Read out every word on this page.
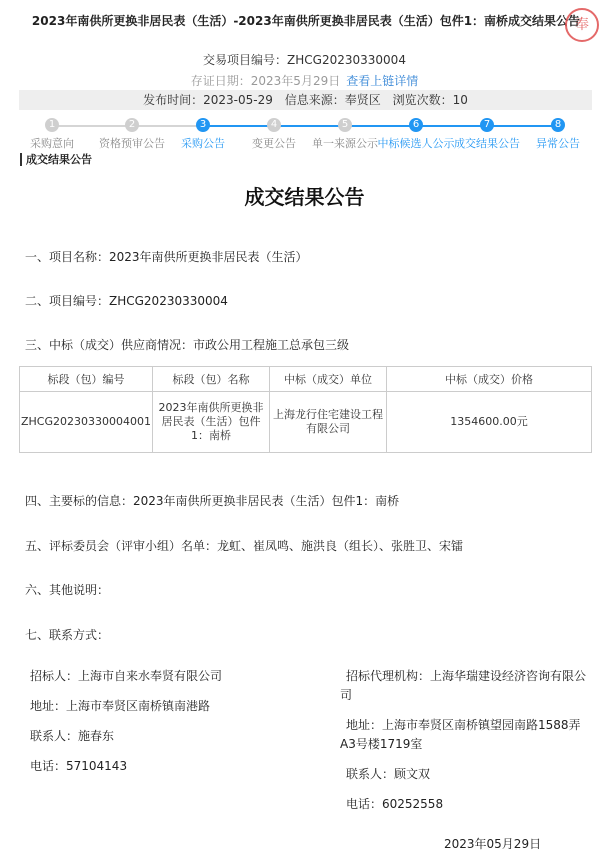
2023年南供所更换非居民表（生活）-2023年南供所更换非居民表（生活）包件1：南桥成交结果公告
奉
交易项目编号：ZHCG20230330004
存证日期：2023年5月29日 查看上链详情
发布时间：2023-05-29 信息来源：奉贤区 浏览次数：10
1
采购意向
2
资格预审公告
3
采购公告
4
变更公告
5
单一来源公示
6
中标候选人公示
7
成交结果公告
8
异常公告
成交结果公告
成交结果公告
一、项目名称：2023年南供所更换非居民表（生活）
二、项目编号：ZHCG20230330004
三、中标（成交）供应商情况：市政公用工程施工总承包三级
标段（包）编号	标段（包）名称	中标（成交）单位	中标（成交）价格
ZHCG20230330004001	2023年南供所更换非居民表（生活）包件1：南桥	上海龙行住宅建设工程有限公司	1354600.00元
四、主要标的信息：2023年南供所更换非居民表（生活）包件1：南桥
五、评标委员会（评审小组）名单：龙虹、崔凤鸣、施洪良（组长）、张胜卫、宋镭
六、其他说明：
七、联系方式：
招标人：上海市自来水奉贤有限公司
地址：上海市奉贤区南桥镇南港路
联系人：施春东
电话：57104143
招标代理机构：上海华瑞建设经济咨询有限公司
地址：上海市奉贤区南桥镇望园南路1588弄A3号楼1719室
联系人：顾文双
电话：60252558
2023年05月29日
